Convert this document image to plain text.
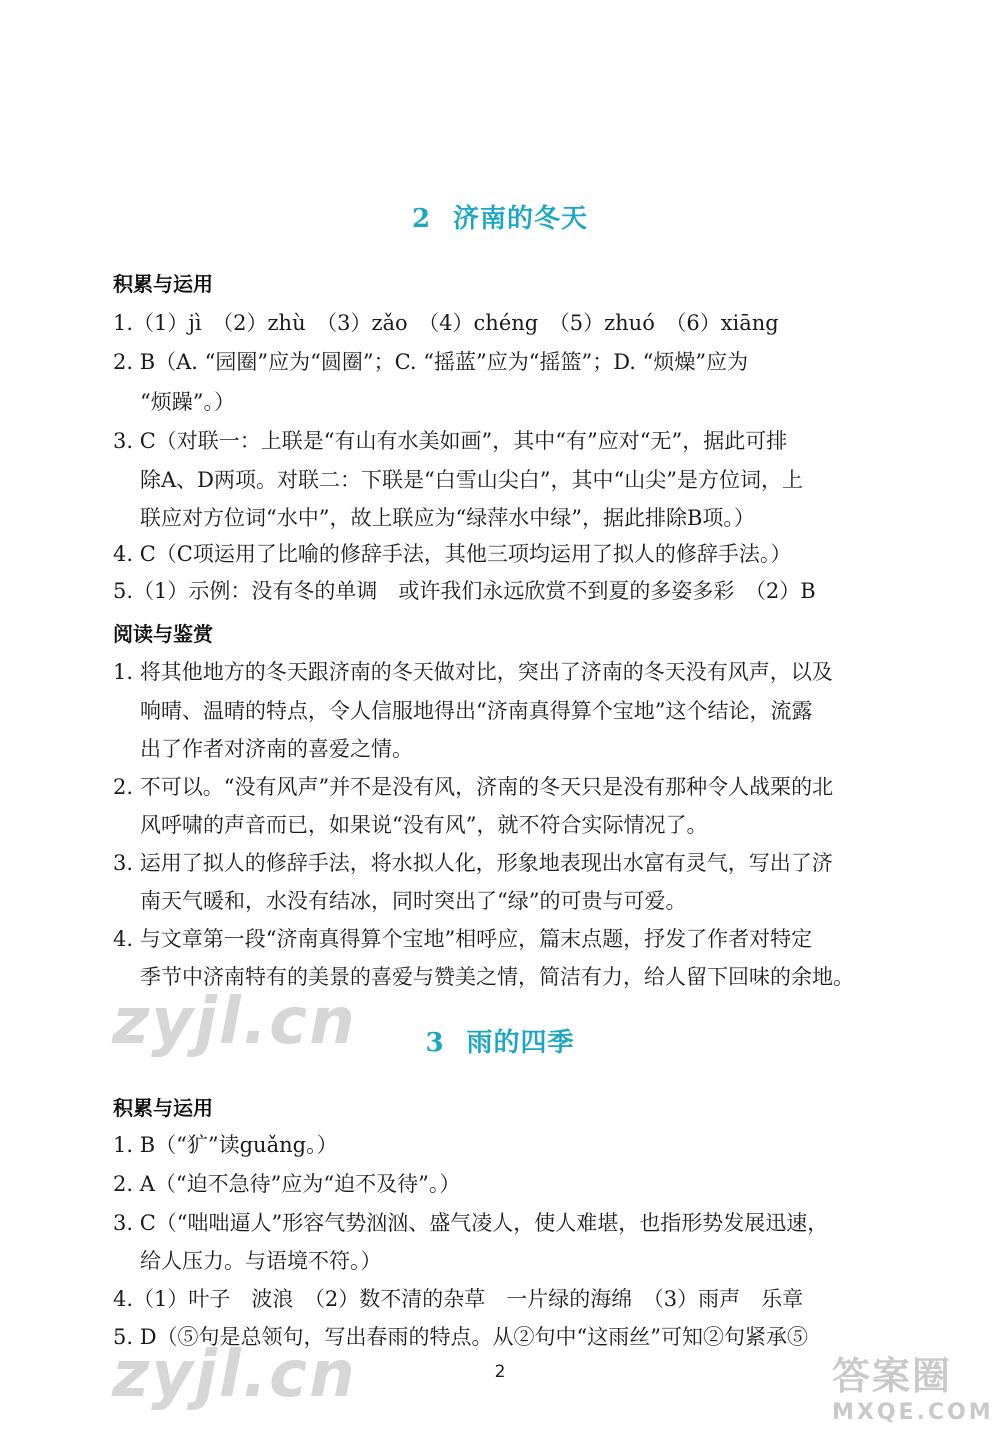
2 济南的冬天
积累与运用
1.（1）jì　（2）zhù　（3）zǎo　（4）chéng　（5）zhuó　（6）xiāng
2. B（A. “园圈”应为“圆圈”；C. “摇蓝”应为“摇篮”；D. “烦燥”应为
“烦躁”。）
3. C（对联一：上联是“有山有水美如画”，其中“有”应对“无”，据此可排
除A、D两项。对联二：下联是“白雪山尖白”，其中“山尖”是方位词，上
联应对方位词“水中”，故上联应为“绿萍水中绿”，据此排除B项。）
4. C（C项运用了比喻的修辞手法，其他三项均运用了拟人的修辞手法。）
5.（1）示例：没有冬的单调　或许我们永远欣赏不到夏的多姿多彩　（2）B
阅读与鉴赏
1. 将其他地方的冬天跟济南的冬天做对比，突出了济南的冬天没有风声，以及
响晴、温晴的特点，令人信服地得出“济南真得算个宝地”这个结论，流露
出了作者对济南的喜爱之情。
2. 不可以。“没有风声”并不是没有风，济南的冬天只是没有那种令人战栗的北
风呼啸的声音而已，如果说“没有风”，就不符合实际情况了。
3. 运用了拟人的修辞手法，将水拟人化，形象地表现出水富有灵气，写出了济
南天气暖和，水没有结冰，同时突出了“绿”的可贵与可爱。
4. 与文章第一段“济南真得算个宝地”相呼应，篇末点题，抒发了作者对特定
季节中济南特有的美景的喜爱与赞美之情，简洁有力，给人留下回味的余地。
zyjl.cn	3 雨的四季
积累与运用
1. B（“犷”读guǎng。）
2. A（“迫不急待”应为“迫不及待”。）
3. C（“咄咄逼人”形容气势汹汹、盛气凌人，使人难堪，也指形势发展迅速，
给人压力。与语境不符。）
4.（1）叶子　波浪　（2）数不清的杂草　一片绿的海绵　（3）雨声　乐章
5. D（⑤句是总领句，写出春雨的特点。从②句中“这雨丝”可知②句紧承⑤
zyjl.cn	2	答案圈
MXQE.COM
